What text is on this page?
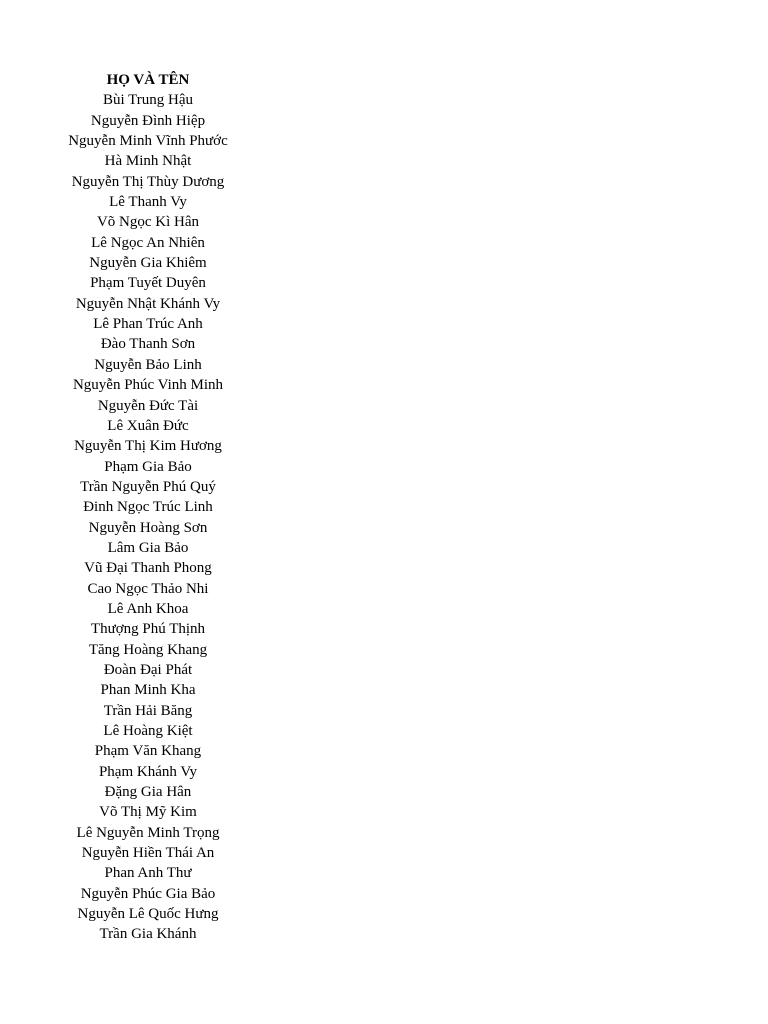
HỌ VÀ TÊN
Bùi Trung Hậu
Nguyễn Đình Hiệp
Nguyễn Minh Vĩnh Phước
Hà Minh Nhật
Nguyễn Thị Thùy Dương
Lê Thanh Vy
Võ Ngọc Kì Hân
Lê Ngọc An Nhiên
Nguyễn Gia Khiêm
Phạm Tuyết Duyên
Nguyễn Nhật Khánh Vy
Lê Phan Trúc Anh
Đào Thanh Sơn
Nguyễn Bảo Linh
Nguyễn Phúc Vinh Minh
Nguyễn Đức Tài
Lê Xuân Đức
Nguyễn Thị Kim Hương
Phạm Gia Bảo
Trần Nguyễn Phú Quý
Đinh Ngọc Trúc Linh
Nguyễn Hoàng Sơn
Lâm Gia Bảo
Vũ Đại Thanh Phong
Cao Ngọc Thảo Nhi
Lê Anh Khoa
Thượng Phú Thịnh
Tăng Hoàng Khang
Đoàn Đại Phát
Phan Minh Kha
Trần Hải Băng
Lê Hoàng Kiệt
Phạm Văn Khang
Phạm Khánh Vy
Đặng Gia Hân
Võ Thị Mỹ Kim
Lê Nguyễn Minh Trọng
Nguyễn Hiền Thái An
Phan Anh Thư
Nguyễn Phúc Gia Bảo
Nguyễn Lê Quốc Hưng
Trần Gia Khánh
